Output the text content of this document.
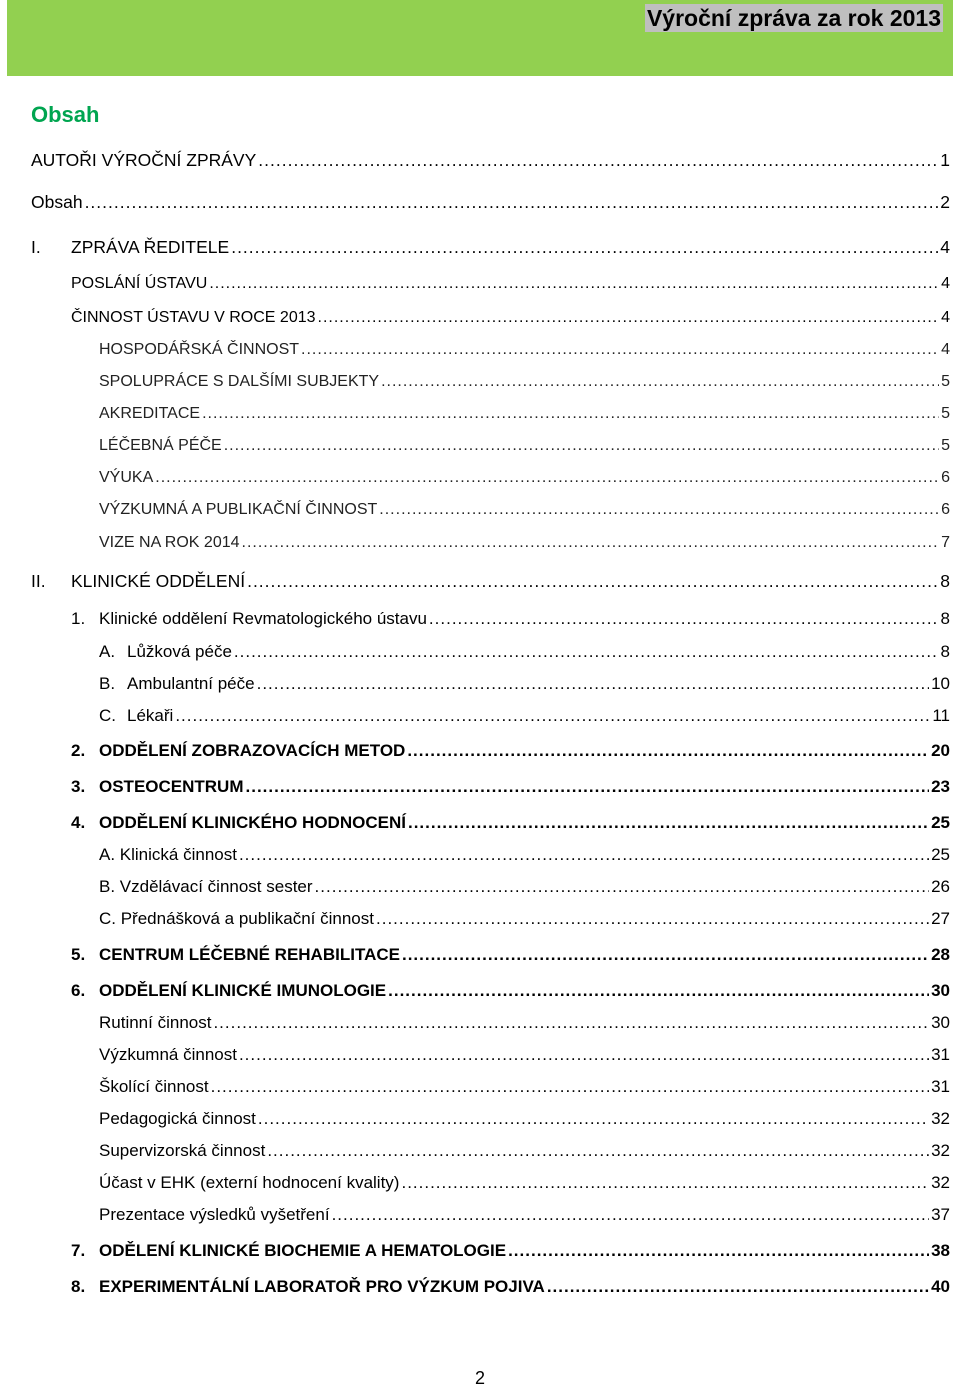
Výroční zpráva za rok 2013
Obsah
AUTOŘI VÝROČNÍ ZPRÁVY .....	1
Obsah .....	2
I.	ZPRÁVA ŘEDITELE .....	4
POSLÁNÍ ÚSTAVU .....	4
ČINNOST ÚSTAVU V ROCE 2013 .....	4
HOSPODÁŘSKÁ ČINNOST .....	4
SPOLUPRÁCE S DALŠÍMI SUBJEKTY .....	5
AKREDITACE .....	5
LÉČEBNÁ PÉČE .....	5
VÝUKA .....	6
VÝZKUMNÁ A PUBLIKAČNÍ ČINNOST .....	6
VIZE NA ROK 2014 .....	7
II.	KLINICKÉ ODDĚLENÍ .....	8
1. Klinické oddělení Revmatologického ústavu .....	8
A. Lůžková péče .....	8
B. Ambulantní péče .....	10
C. Lékaři .....	11
2. ODDĚLENÍ ZOBRAZOVACÍCH METOD .....	20
3. OSTEOCENTRUM .....	23
4. ODDĚLENÍ KLINICKÉHO HODNOCENÍ .....	25
A. Klinická činnost .....	25
B. Vzdělávací činnost sester .....	26
C. Přednášková a publikační činnost .....	27
5. CENTRUM LÉČEBNÉ REHABILITACE .....	28
6. ODDĚLENÍ KLINICKÉ IMUNOLOGIE .....	30
Rutinní činnost .....	30
Výzkumná činnost .....	31
Školící činnost .....	31
Pedagogická činnost .....	32
Supervizorská činnost .....	32
Účast v EHK (externí hodnocení kvality) .....	32
Prezentace výsledků vyšetření .....	37
7. ODĚLENÍ KLINICKÉ BIOCHEMIE A HEMATOLOGIE .....	38
8. EXPERIMENTÁLNÍ LABORATOŘ PRO VÝZKUM POJIVA .....	40
2
